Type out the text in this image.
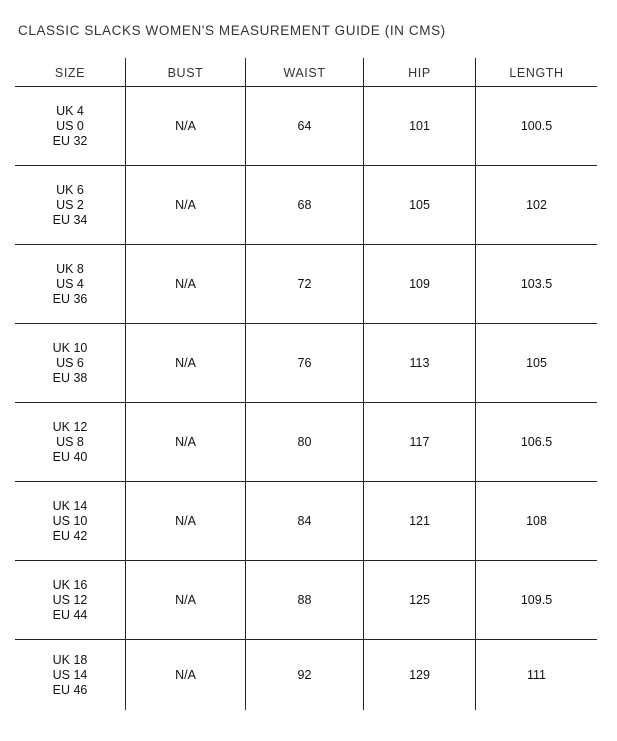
CLASSIC SLACKS WOMEN'S MEASUREMENT GUIDE (IN CMS)
SIZE	BUST	WAIST	HIP	LENGTH
UK 4
US 0
EU 32
N/A	64	101	100.5
UK 6
US 2
EU 34
N/A	68	105	102
UK 8
US 4
EU 36
N/A	72	109	103.5
UK 10
US 6
EU 38
N/A	76	113	105
UK 12
US 8
EU 40
N/A	80	117	106.5
UK 14
US 10
EU 42
N/A	84	121	108
UK 16
US 12
EU 44
N/A	88	125	109.5
UK 18
US 14
EU 46
N/A	92	129	111
